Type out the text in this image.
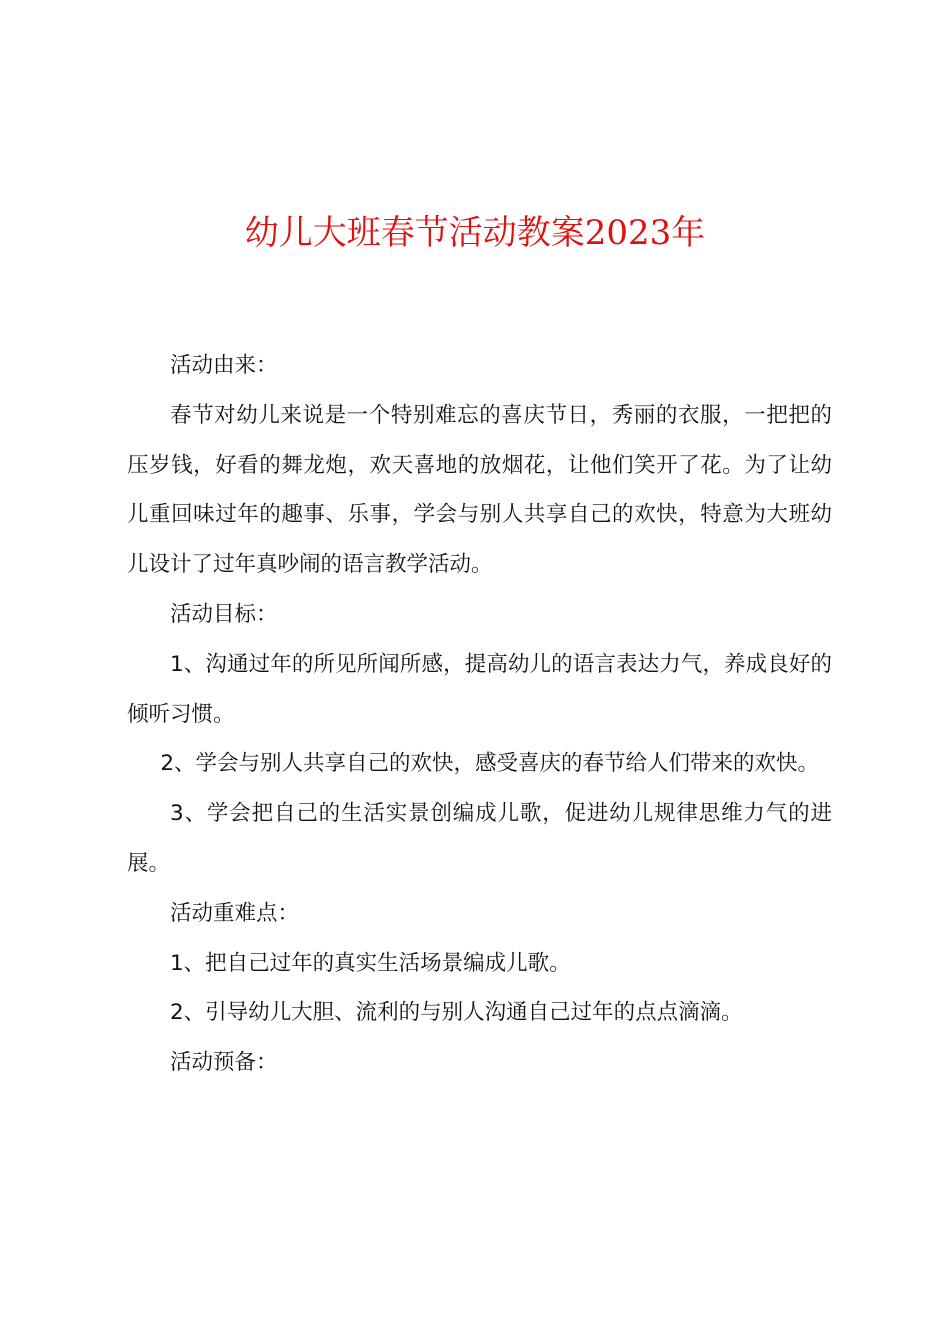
幼儿大班春节活动教案2023年

活动由来：

春节对幼儿来说是一个特别难忘的喜庆节日，秀丽的衣服，一把把的压岁钱，好看的舞龙炮，欢天喜地的放烟花，让他们笑开了花。为了让幼儿重回味过年的趣事、乐事，学会与别人共享自己的欢快，特意为大班幼儿设计了过年真吵闹的语言教学活动。

活动目标：

1、沟通过年的所见所闻所感，提高幼儿的语言表达力气，养成良好的倾听习惯。

2、学会与别人共享自己的欢快，感受喜庆的春节给人们带来的欢快。

3、学会把自己的生活实景创编成儿歌，促进幼儿规律思维力气的进展。

活动重难点：

1、把自己过年的真实生活场景编成儿歌。

2、引导幼儿大胆、流利的与别人沟通自己过年的点点滴滴。

活动预备：
